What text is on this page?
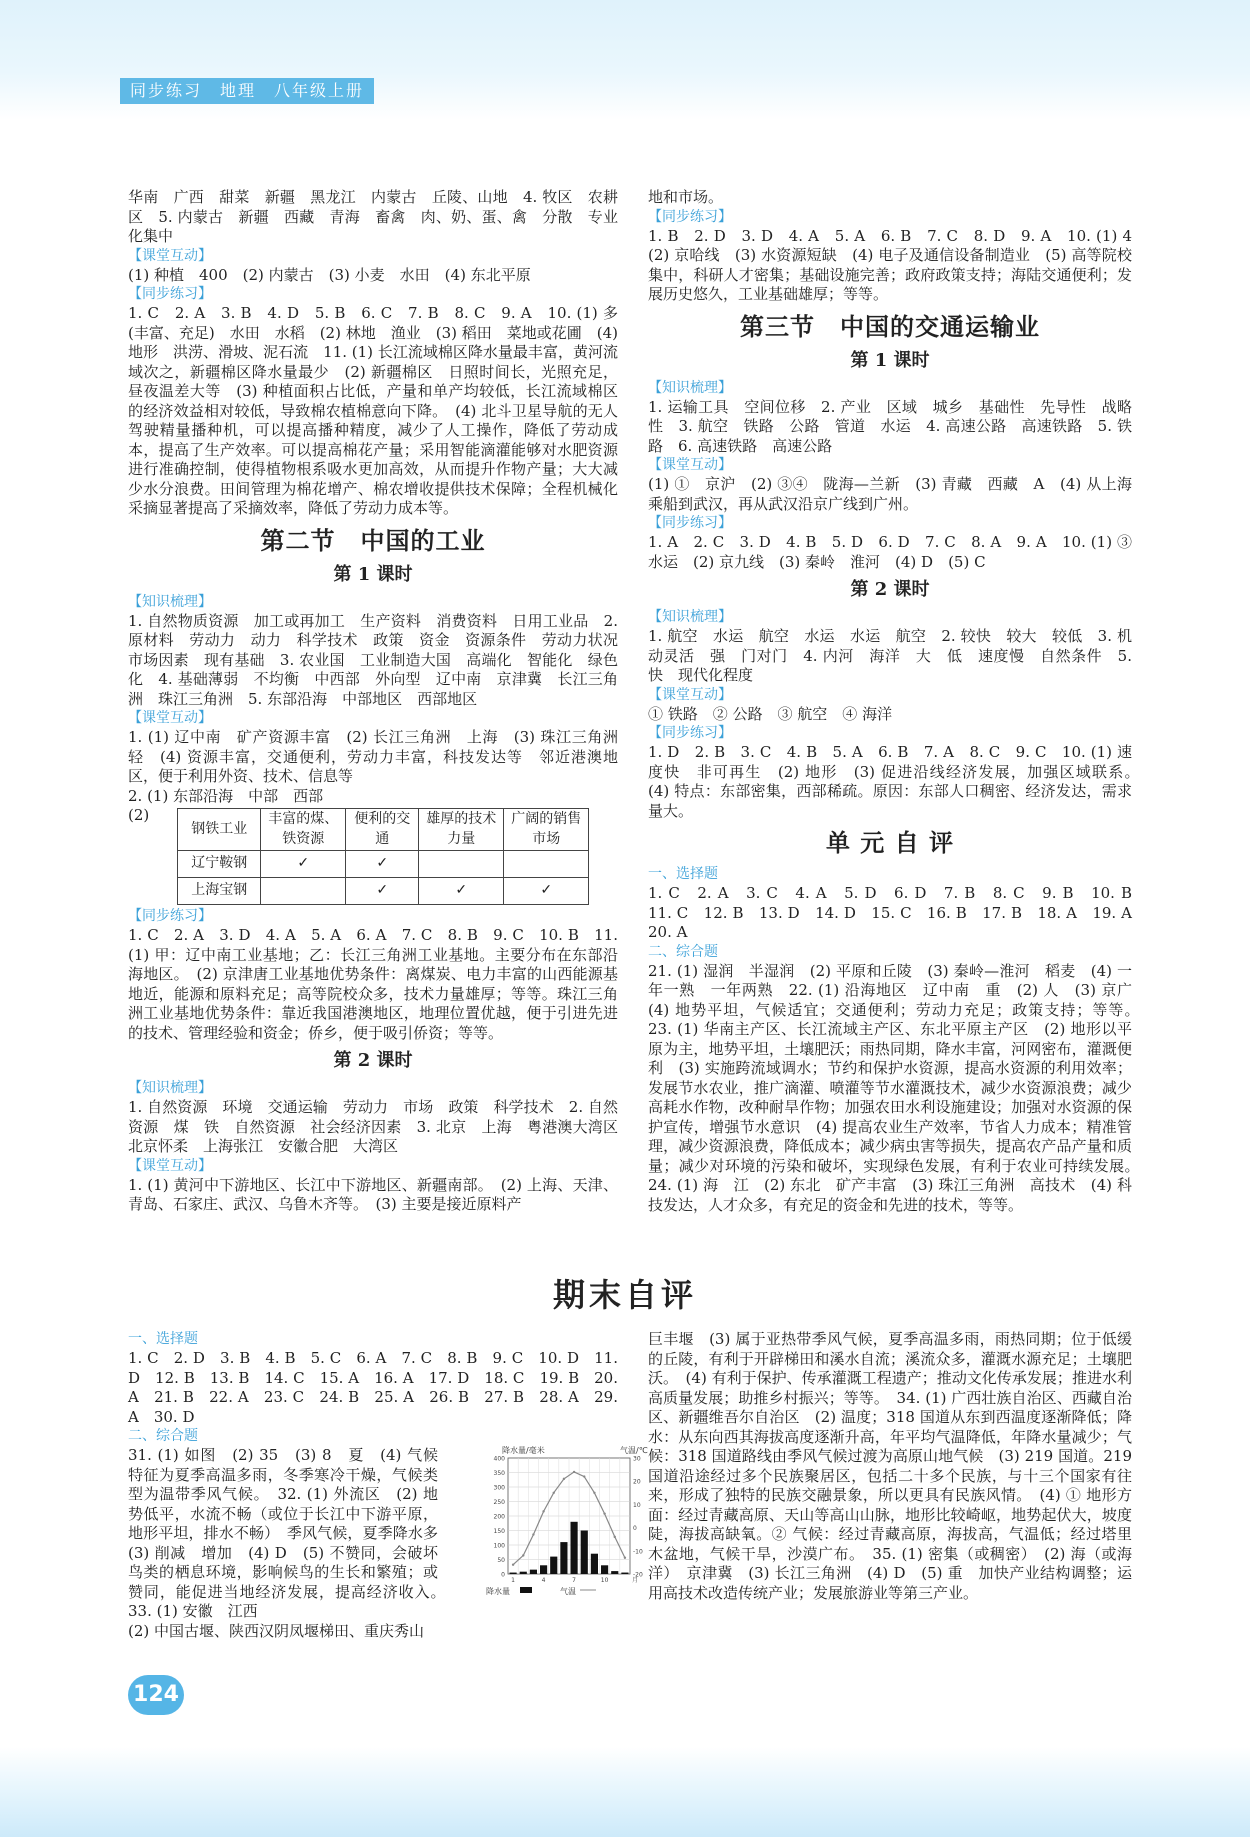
同步练习　地理　八年级上册

华南　广西　甜菜　新疆　黑龙江　内蒙古　丘陵、山地　4. 牧区　农耕区　5. 内蒙古　新疆　西藏　青海　畜禽　肉、奶、蛋、禽　分散　专业化集中

【课堂互动】

(1) 种植　400　(2) 内蒙古　(3) 小麦　水田　(4) 东北平原

【同步练习】

1. C　2. A　3. B　4. D　5. B　6. C　7. B　8. C　9. A　10. (1) 多(丰富、充足)　水田　水稻　(2) 林地　渔业　(3) 稻田　菜地或花圃　(4) 地形　洪涝、滑坡、泥石流　11. (1) 长江流域棉区降水量最丰富，黄河流域次之，新疆棉区降水量最少　(2) 新疆棉区　日照时间长，光照充足，昼夜温差大等　(3) 种植面积占比低，产量和单产均较低，长江流域棉区的经济效益相对较低，导致棉农植棉意向下降。　(4) 北斗卫星导航的无人驾驶精量播种机，可以提高播种精度，减少了人工操作，降低了劳动成本，提高了生产效率。可以提高棉花产量；采用智能滴灌能够对水肥资源进行准确控制，使得植物根系吸水更加高效，从而提升作物产量；大大减少水分浪费。田间管理为棉花增产、棉农增收提供技术保障；全程机械化采摘显著提高了采摘效率，降低了劳动力成本等。

第二节　中国的工业
第 1 课时

【知识梳理】

1. 自然物质资源　加工或再加工　生产资料　消费资料　日用工业品　2. 原材料　劳动力　动力　科学技术　政策　资金　资源条件　劳动力状况　市场因素　现有基础　3. 农业国　工业制造大国　高端化　智能化　绿色化　4. 基础薄弱　不均衡　中西部　外向型　辽中南　京津冀　长江三角洲　珠江三角洲　5. 东部沿海　中部地区　西部地区

【课堂互动】

1. (1) 辽中南　矿产资源丰富　(2) 长江三角洲　上海　(3) 珠江三角洲　轻　(4) 资源丰富，交通便利，劳动力丰富，科技发达等　邻近港澳地区，便于利用外资、技术、信息等

2. (1) 东部沿海　中部　西部

(2)
钢铁工业	丰富的煤、铁资源	便利的交通	雄厚的技术力量	广阔的销售市场
辽宁鞍钢	✓	✓		
上海宝钢		✓	✓	✓

【同步练习】

1. C　2. A　3. D　4. A　5. A　6. A　7. C　8. B　9. C　10. B　11. (1) 甲：辽中南工业基地；乙：长江三角洲工业基地。主要分布在东部沿海地区。　(2) 京津唐工业基地优势条件：离煤炭、电力丰富的山西能源基地近，能源和原料充足；高等院校众多，技术力量雄厚；等等。珠江三角洲工业基地优势条件：靠近我国港澳地区，地理位置优越，便于引进先进的技术、管理经验和资金；侨乡，便于吸引侨资；等等。

第 2 课时

【知识梳理】

1. 自然资源　环境　交通运输　劳动力　市场　政策　科学技术　2. 自然资源　煤　铁　自然资源　社会经济因素　3. 北京　上海　粤港澳大湾区　北京怀柔　上海张江　安徽合肥　大湾区

【课堂互动】

1. (1) 黄河中下游地区、长江中下游地区、新疆南部。　(2) 上海、天津、青岛、石家庄、武汉、乌鲁木齐等。　(3) 主要是接近原料产

地和市场。

【同步练习】

1. B　2. D　3. D　4. A　5. A　6. B　7. C　8. D　9. A　10. (1) 4　(2) 京哈线　(3) 水资源短缺　(4) 电子及通信设备制造业　(5) 高等院校集中，科研人才密集；基础设施完善；政府政策支持；海陆交通便利；发展历史悠久，工业基础雄厚；等等。

第三节　中国的交通运输业
第 1 课时

【知识梳理】

1. 运输工具　空间位移　2. 产业　区域　城乡　基础性　先导性　战略性　3. 航空　铁路　公路　管道　水运　4. 高速公路　高速铁路　5. 铁路　6. 高速铁路　高速公路

【课堂互动】

(1) ①　京沪　(2) ③④　陇海—兰新　(3) 青藏　西藏　A　(4) 从上海乘船到武汉，再从武汉沿京广线到广州。

【同步练习】

1. A　2. C　3. D　4. B　5. D　6. D　7. C　8. A　9. A　10. (1) ③　水运　(2) 京九线　(3) 秦岭　淮河　(4) D　(5) C

第 2 课时

【知识梳理】

1. 航空　水运　航空　水运　水运　航空　2. 较快　较大　较低　3. 机动灵活　强　门对门　4. 内河　海洋　大　低　速度慢　自然条件　5. 快　现代化程度

【课堂互动】

① 铁路　② 公路　③ 航空　④ 海洋

【同步练习】

1. D　2. B　3. C　4. B　5. A　6. B　7. A　8. C　9. C　10. (1) 速度快　非可再生　(2) 地形　(3) 促进沿线经济发展，加强区域联系。　(4) 特点：东部密集，西部稀疏。原因：东部人口稠密、经济发达，需求量大。

单 元 自 评

一、选择题

1. C　2. A　3. C　4. A　5. D　6. D　7. B　8. C　9. B　10. B　11. C　12. B　13. D　14. D　15. C　16. B　17. B　18. A　19. A　20. A

二、综合题

21. (1) 湿润　半湿润　(2) 平原和丘陵　(3) 秦岭—淮河　稻麦　(4) 一年一熟　一年两熟　22. (1) 沿海地区　辽中南　重　(2) 人　(3) 京广　(4) 地势平坦，气候适宜；交通便利；劳动力充足；政策支持；等等。　23. (1) 华南主产区、长江流域主产区、东北平原主产区　(2) 地形以平原为主，地势平坦，土壤肥沃；雨热同期，降水丰富，河网密布，灌溉便利　(3) 实施跨流域调水；节约和保护水资源，提高水资源的利用效率；发展节水农业，推广滴灌、喷灌等节水灌溉技术，减少水资源浪费；减少高耗水作物，改种耐旱作物；加强农田水利设施建设；加强对水资源的保护宣传，增强节水意识　(4) 提高农业生产效率，节省人力成本；精准管理，减少资源浪费，降低成本；减少病虫害等损失，提高农产品产量和质量；减少对环境的污染和破坏，实现绿色发展，有利于农业可持续发展。　24. (1) 海　江　(2) 东北　矿产丰富　(3) 珠江三角洲　高技术　(4) 科技发达，人才众多，有充足的资金和先进的技术，等等。

期末自评

一、选择题

1. C　2. D　3. B　4. B　5. C　6. A　7. C　8. B　9. C　10. D　11. D　12. B　13. B　14. C　15. A　16. A　17. D　18. C　19. B　20. A　21. B　22. A　23. C　24. B　25. A　26. B　27. B　28. A　29. A　30. D

二、综合题

31. (1) 如图　(2) 35　(3) 8　夏　(4) 气候特征为夏季高温多雨，冬季寒冷干燥，气候类型为温带季风气候。　32. (1) 外流区　(2) 地势低平，水流不畅（或位于长江中下游平原，地形平坦，排水不畅）　季风气候，夏季降水多　(3) 削减　增加　(4) D　(5) 不赞同，会破坏鸟类的栖息环境，影响候鸟的生长和繁殖；或赞同，能促进当地经济发展，提高经济收入。　33. (1) 安徽　江西

(2) 中国古堰、陕西汉阴凤堰梯田、重庆秀山

降水量/毫米	气温/℃
0
50
100
150
200
250
300
350
400
-20
-10
0
10
20
30
1	4	7	10	月
降水量	气温

巨丰堰　(3) 属于亚热带季风气候，夏季高温多雨，雨热同期；位于低缓的丘陵，有利于开辟梯田和溪水自流；溪流众多，灌溉水源充足；土壤肥沃。　(4) 有利于保护、传承灌溉工程遗产；推动文化传承发展；推进水利高质量发展；助推乡村振兴；等等。　34. (1) 广西壮族自治区、西藏自治区、新疆维吾尔自治区　(2) 温度；318 国道从东到西温度逐渐降低；降水：从东向西其海拔高度逐渐升高，年平均气温降低，年降水量减少；气候：318 国道路线由季风气候过渡为高原山地气候　(3) 219 国道。219 国道沿途经过多个民族聚居区，包括二十多个民族，与十三个国家有往来，形成了独特的民族交融景象，所以更具有民族风情。　(4) ① 地形方面：经过青藏高原、天山等高山山脉，地形比较崎岖，地势起伏大，坡度陡，海拔高缺氧。② 气候：经过青藏高原，海拔高，气温低；经过塔里木盆地，气候干旱，沙漠广布。　35. (1) 密集（或稠密）　(2) 海（或海洋）　京津冀　(3) 长江三角洲　(4) D　(5) 重　加快产业结构调整；运用高技术改造传统产业；发展旅游业等第三产业。

124
